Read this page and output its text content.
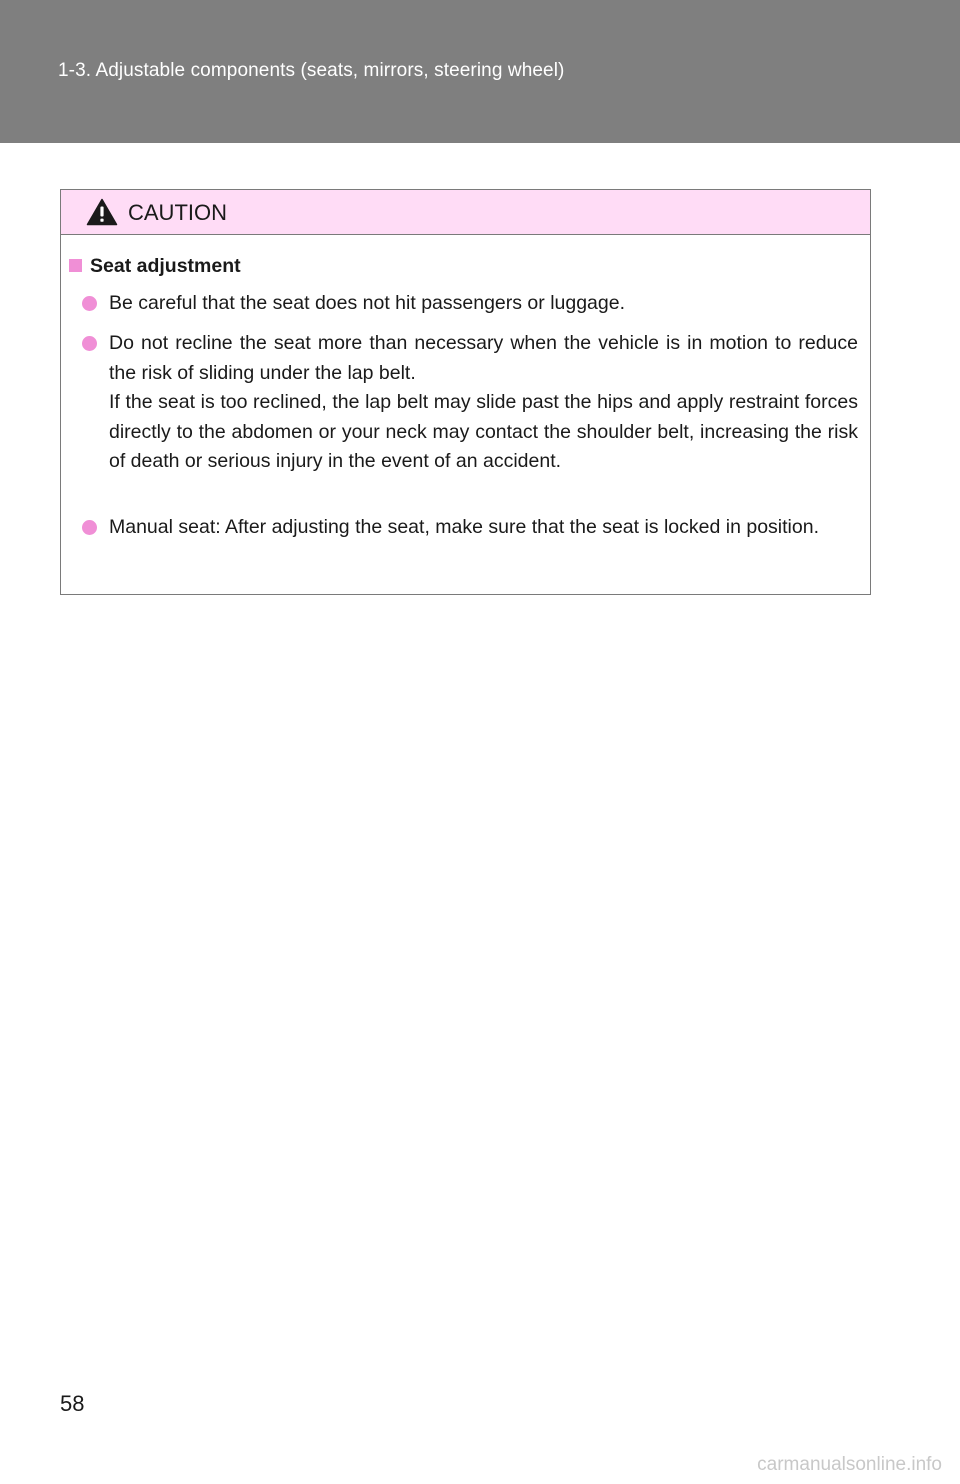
1-3. Adjustable components (seats, mirrors, steering wheel)
CAUTION
Seat adjustment
Be careful that the seat does not hit passengers or luggage.
Do not recline the seat more than necessary when the vehicle is in motion to reduce the risk of sliding under the lap belt.
If the seat is too reclined, the lap belt may slide past the hips and apply restraint forces directly to the abdomen or your neck may contact the shoulder belt, increasing the risk of death or serious injury in the event of an accident.
Manual seat: After adjusting the seat, make sure that the seat is locked in position.
58
carmanualsonline.info
